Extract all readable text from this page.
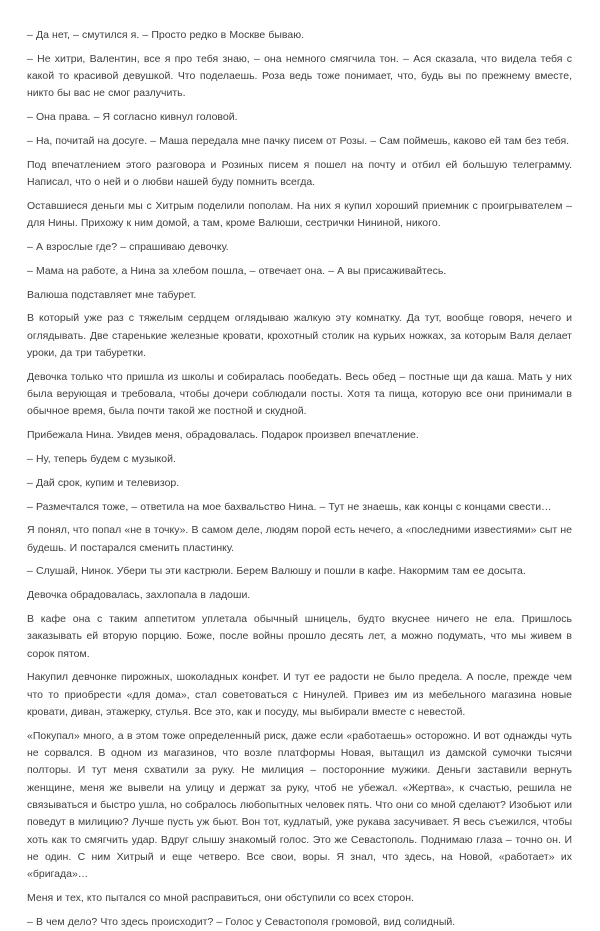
– Да нет, – смутился я. – Просто редко в Москве бываю.

– Не хитри, Валентин, все я про тебя знаю, – она немного смягчила тон. – Ася сказала, что видела тебя с какой то красивой девушкой. Что поделаешь. Роза ведь тоже понимает, что, будь вы по прежнему вместе, никто бы вас не смог разлучить.

– Она права. – Я согласно кивнул головой.

– На, почитай на досуге. – Маша передала мне пачку писем от Розы. – Сам поймешь, каково ей там без тебя.

Под впечатлением этого разговора и Розиных писем я пошел на почту и отбил ей большую телеграмму. Написал, что о ней и о любви нашей буду помнить всегда.

Оставшиеся деньги мы с Хитрым поделили пополам. На них я купил хороший приемник с проигрывателем – для Нины. Прихожу к ним домой, а там, кроме Валюши, сестрички Нининой, никого.

– А взрослые где? – спрашиваю девочку.

– Мама на работе, а Нина за хлебом пошла, – отвечает она. – А вы присаживайтесь.

Валюша подставляет мне табурет.

В который уже раз с тяжелым сердцем оглядываю жалкую эту комнатку. Да тут, вообще говоря, нечего и оглядывать. Две старенькие железные кровати, крохотный столик на курьих ножках, за которым Валя делает уроки, да три табуретки.

Девочка только что пришла из школы и собиралась пообедать. Весь обед – постные щи да каша. Мать у них была верующая и требовала, чтобы дочери соблюдали посты. Хотя та пища, которую все они принимали в обычное время, была почти такой же постной и скудной.

Прибежала Нина. Увидев меня, обрадовалась. Подарок произвел впечатление.

– Ну, теперь будем с музыкой.

– Дай срок, купим и телевизор.

– Размечтался тоже, – ответила на мое бахвальство Нина. – Тут не знаешь, как концы с концами свести…

Я понял, что попал «не в точку». В самом деле, людям порой есть нечего, а «последними известиями» сыт не будешь. И постарался сменить пластинку.

– Слушай, Нинок. Убери ты эти кастрюли. Берем Валюшу и пошли в кафе. Накормим там ее досыта.

Девочка обрадовалась, захлопала в ладоши.

В кафе она с таким аппетитом уплетала обычный шницель, будто вкуснее ничего не ела. Пришлось заказывать ей вторую порцию. Боже, после войны прошло десять лет, а можно подумать, что мы живем в сорок пятом.

Накупил девчонке пирожных, шоколадных конфет. И тут ее радости не было предела. А после, прежде чем что то приобрести «для дома», стал советоваться с Нинулей. Привез им из мебельного магазина новые кровати, диван, этажерку, стулья. Все это, как и посуду, мы выбирали вместе с невестой.

«Покупал» много, а в этом тоже определенный риск, даже если «работаешь» осторожно. И вот однажды чуть не сорвался. В одном из магазинов, что возле платформы Новая, вытащил из дамской сумочки тысячи полторы. И тут меня схватили за руку. Не милиция – посторонние мужики. Деньги заставили вернуть женщине, меня же вывели на улицу и держат за руку, чтоб не убежал. «Жертва», к счастью, решила не связываться и быстро ушла, но собралось любопытных человек пять. Что они со мной сделают? Изобьют или поведут в милицию? Лучше пусть уж бьют. Вон тот, кудлатый, уже рукава засучивает. Я весь съежился, чтобы хоть как то смягчить удар. Вдруг слышу знакомый голос. Это же Севастополь. Поднимаю глаза – точно он. И не один. С ним Хитрый и еще четверо. Все свои, воры. Я знал, что здесь, на Новой, «работает» их «бригада»…

Меня и тех, кто пытался со мной расправиться, они обступили со всех сторон.

– В чем дело? Что здесь происходит? – Голос у Севастополя громовой, вид солидный.
